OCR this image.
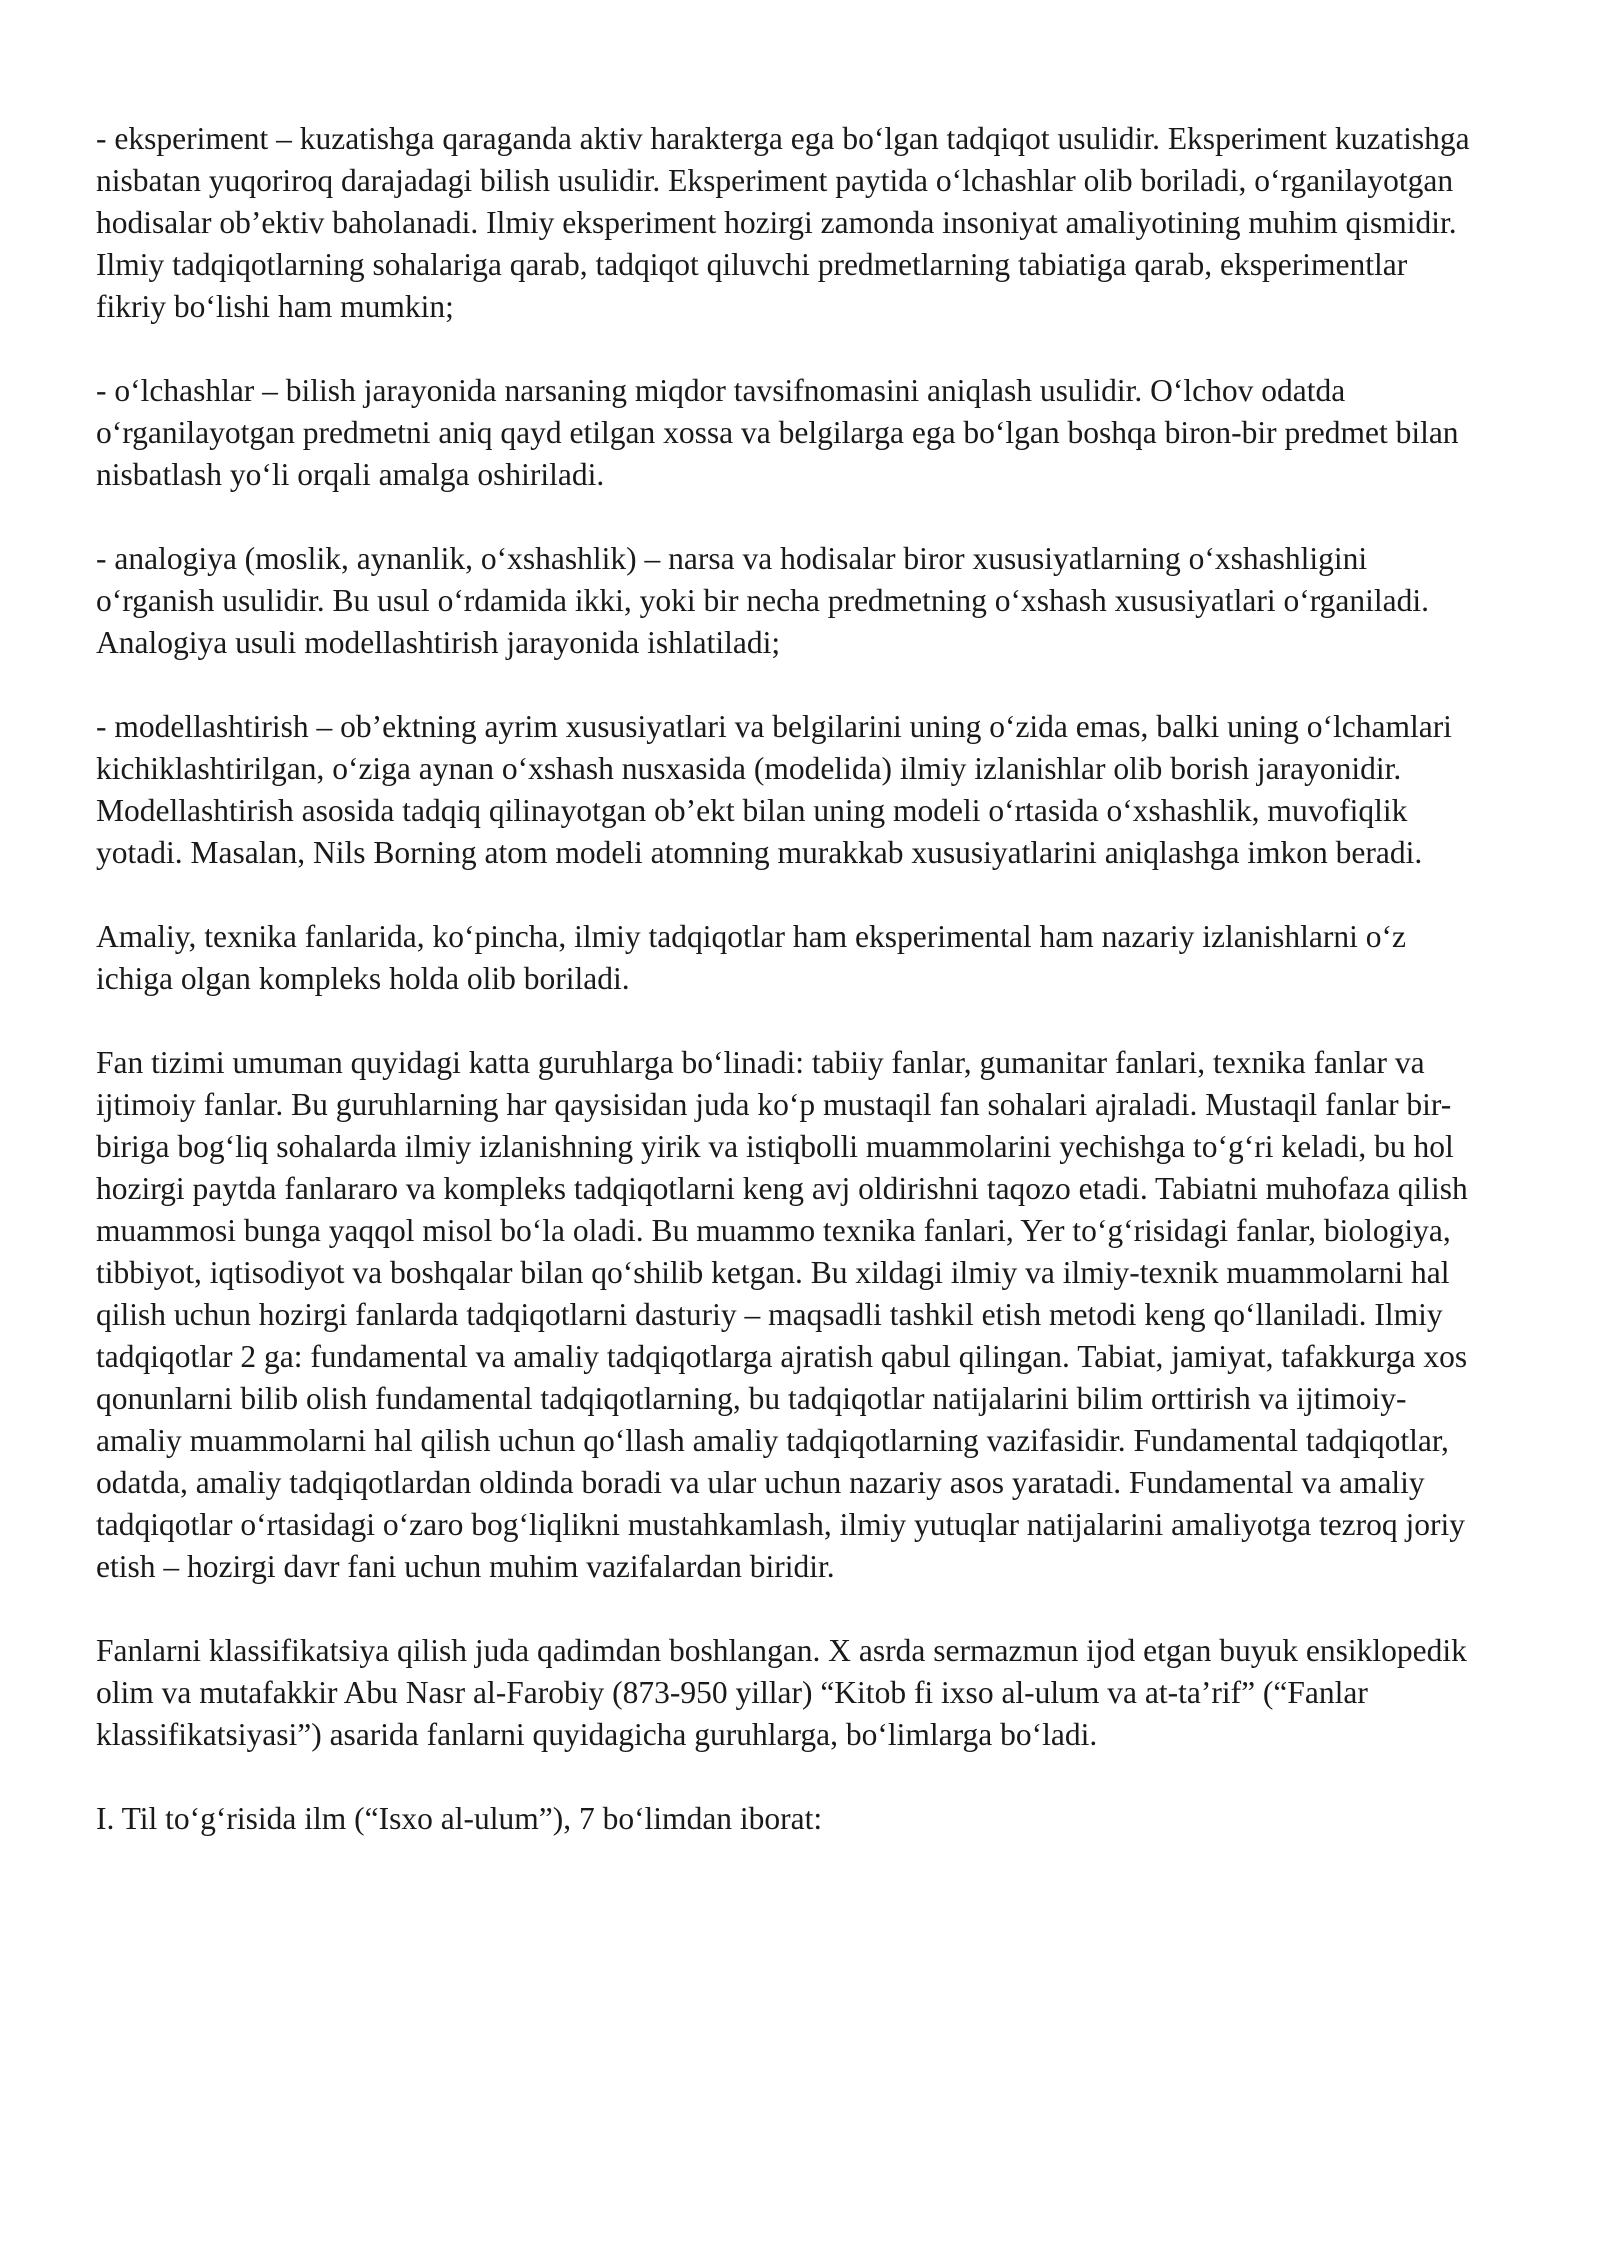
- eksperiment – kuzatishga qaraganda aktiv harakterga ega bo‘lgan tadqiqot usulidir. Eksperiment kuzatishga nisbatan yuqoriroq darajadagi bilish usulidir. Eksperiment paytida o‘lchashlar olib boriladi, o‘rganilayotgan hodisalar ob’ektiv baholanadi. Ilmiy eksperiment hozirgi zamonda insoniyat amaliyotining muhim qismidir. Ilmiy tadqiqotlarning sohalariga qarab, tadqiqot qiluvchi predmetlarning tabiatiga qarab, eksperimentlar fikriy bo‘lishi ham mumkin;

- o‘lchashlar – bilish jarayonida narsaning miqdor tavsifnomasini aniqlash usulidir. O‘lchov odatda o‘rganilayotgan predmetni aniq qayd etilgan xossa va belgilarga ega bo‘lgan boshqa biron-bir predmet bilan nisbatlash yo‘li orqali amalga oshiriladi.

- analogiya (moslik, aynanlik, o‘xshashlik) – narsa va hodisalar biror xususiyatlarning o‘xshashligini o‘rganish usulidir. Bu usul o‘rdamida ikki, yoki bir necha predmetning o‘xshash xususiyatlari o‘rganiladi. Analogiya usuli modellashtirish jarayonida ishlatiladi;

- modellashtirish – ob’ektning ayrim xususiyatlari va belgilarini uning o‘zida emas, balki uning o‘lchamlari kichiklashtirilgan, o‘ziga aynan o‘xshash nusxasida (modelida) ilmiy izlanishlar olib borish jarayonidir. Modellashtirish asosida tadqiq qilinayotgan ob’ekt bilan uning modeli o‘rtasida o‘xshashlik, muvofiqlik yotadi. Masalan, Nils Borning atom modeli atomning murakkab xususiyatlarini aniqlashga imkon beradi.

Amaliy, texnika fanlarida, ko‘pincha, ilmiy tadqiqotlar ham eksperimental ham nazariy izlanishlarni o‘z ichiga olgan kompleks holda olib boriladi.

Fan tizimi umuman quyidagi katta guruhlarga bo‘linadi: tabiiy fanlar, gumanitar fanlari, texnika fanlar va ijtimoiy fanlar. Bu guruhlarning har qaysisidan juda ko‘p mustaqil fan sohalari ajraladi. Mustaqil fanlar bir-biriga bog‘liq sohalarda ilmiy izlanishning yirik va istiqbolli muammolarini yechishga to‘g‘ri keladi, bu hol hozirgi paytda fanlararo va kompleks tadqiqotlarni keng avj oldirishni taqozo etadi. Tabiatni muhofaza qilish muammosi bunga yaqqol misol bo‘la oladi. Bu muammo texnika fanlari, Yer to‘g‘risidagi fanlar, biologiya, tibbiyot, iqtisodiyot va boshqalar bilan qo‘shilib ketgan. Bu xildagi ilmiy va ilmiy-texnik muammolarni hal qilish uchun hozirgi fanlarda tadqiqotlarni dasturiy – maqsadli tashkil etish metodi keng qo‘llaniladi. Ilmiy tadqiqotlar 2 ga: fundamental va amaliy tadqiqotlarga ajratish qabul qilingan. Tabiat, jamiyat, tafakkurga xos qonunlarni bilib olish fundamental tadqiqotlarning, bu tadqiqotlar natijalarini bilim orttirish va ijtimoiy-amaliy muammolarni hal qilish uchun qo‘llash amaliy tadqiqotlarning vazifasidir. Fundamental tadqiqotlar, odatda, amaliy tadqiqotlardan oldinda boradi va ular uchun nazariy asos yaratadi. Fundamental va amaliy tadqiqotlar o‘rtasidagi o‘zaro bog‘liqlikni mustahkamlash, ilmiy yutuqlar natijalarini amaliyotga tezroq joriy etish – hozirgi davr fani uchun muhim vazifalardan biridir.

Fanlarni klassifikatsiya qilish juda qadimdan boshlangan. X asrda sermazmun ijod etgan buyuk ensiklopedik olim va mutafakkir Abu Nasr al-Farobiy (873-950 yillar) “Kitob fi ixso al-ulum va at-ta’rif” (“Fanlar klassifikatsiyasi”) asarida fanlarni quyidagicha guruhlarga, bo‘limlarga bo‘ladi.

I. Til to‘g‘risida ilm (“Isxo al-ulum”), 7 bo‘limdan iborat:
